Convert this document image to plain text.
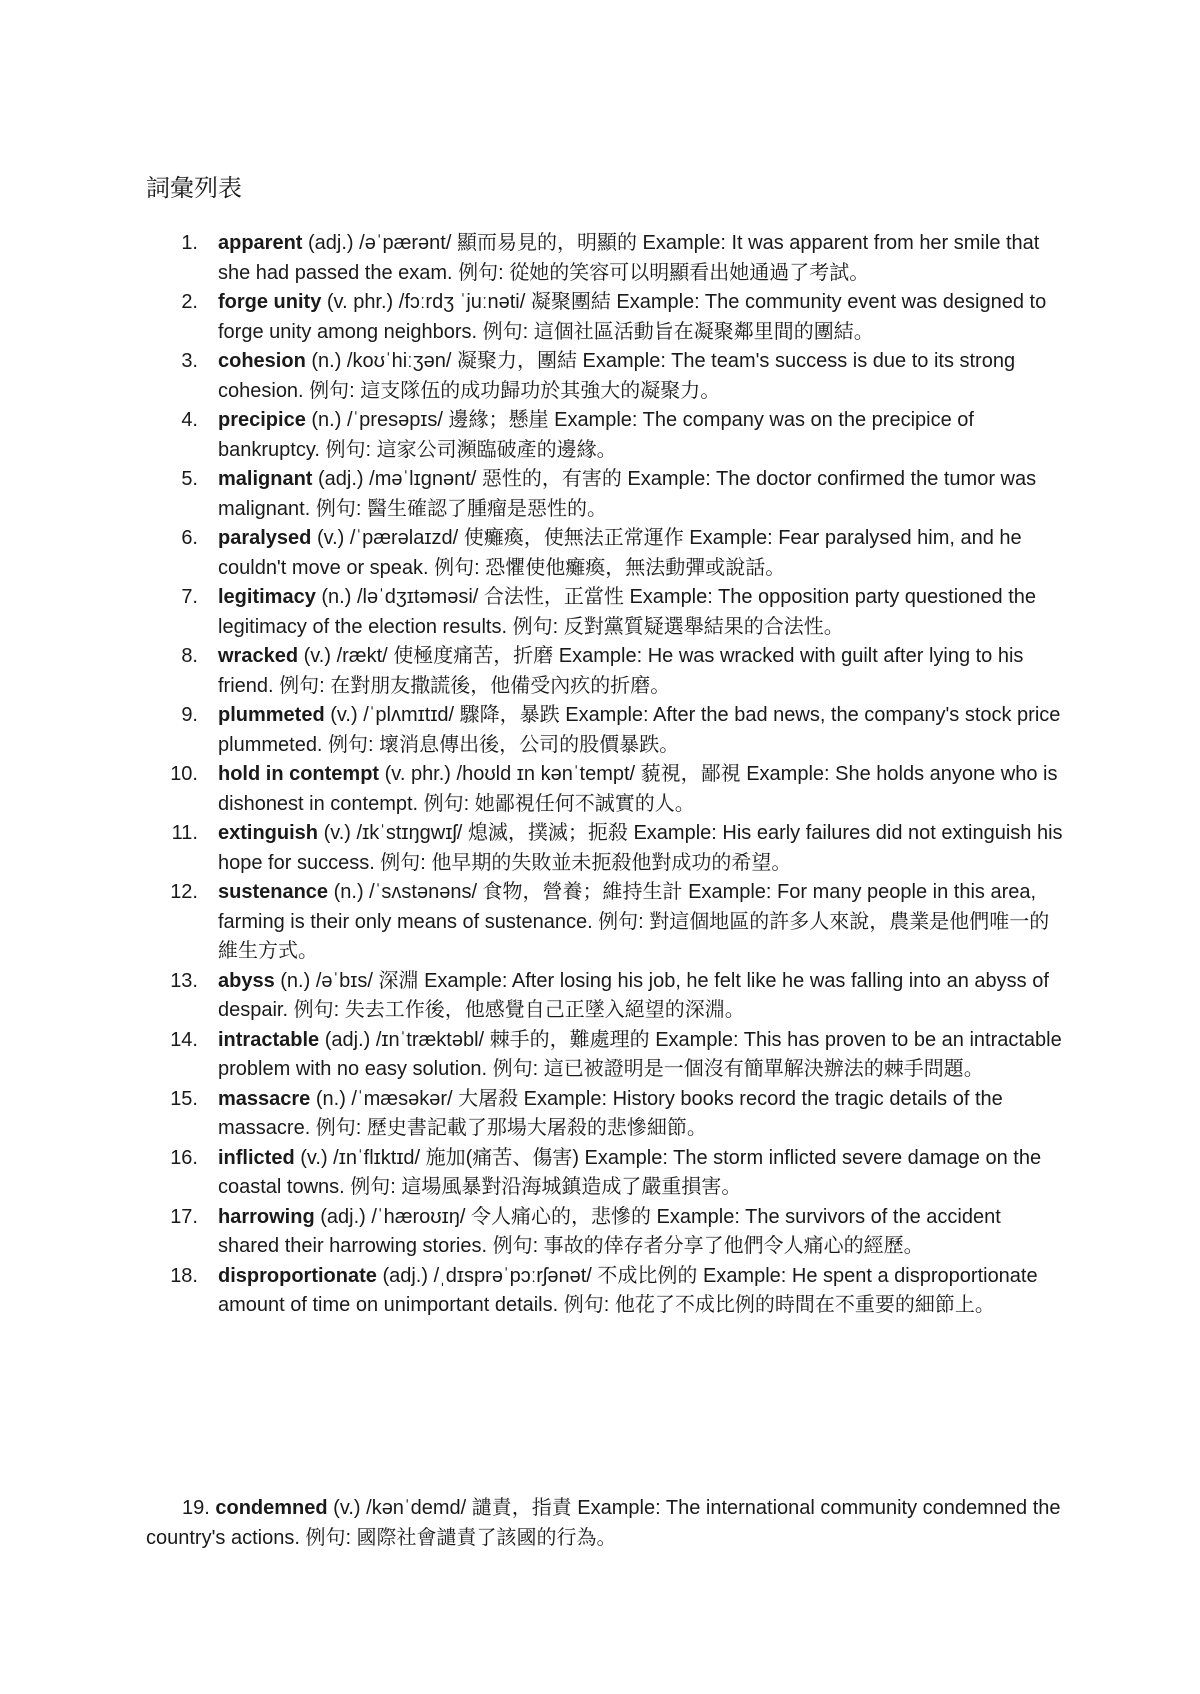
詞彙列表
1. apparent (adj.) /əˈpærənt/ 顯而易見的，明顯的 Example: It was apparent from her smile that she had passed the exam. 例句: 從她的笑容可以明顯看出她通過了考試。
2. forge unity (v. phr.) /fɔːrdʒ ˈjuːnəti/ 凝聚團結 Example: The community event was designed to forge unity among neighbors. 例句: 這個社區活動旨在凝聚鄰里間的團結。
3. cohesion (n.) /koʊˈhiːʒən/ 凝聚力，團結 Example: The team's success is due to its strong cohesion. 例句: 這支隊伍的成功歸功於其強大的凝聚力。
4. precipice (n.) /ˈpresəpɪs/ 邊緣；懸崖 Example: The company was on the precipice of bankruptcy. 例句: 這家公司瀕臨破產的邊緣。
5. malignant (adj.) /məˈlɪɡnənt/ 惡性的，有害的 Example: The doctor confirmed the tumor was malignant. 例句: 醫生確認了腫瘤是惡性的。
6. paralysed (v.) /ˈpærəlaɪzd/ 使癱瘓，使無法正常運作 Example: Fear paralysed him, and he couldn't move or speak. 例句: 恐懼使他癱瘓，無法動彈或說話。
7. legitimacy (n.) /ləˈdʒɪtəməsi/ 合法性，正當性 Example: The opposition party questioned the legitimacy of the election results. 例句: 反對黨質疑選舉結果的合法性。
8. wracked (v.) /rækt/ 使極度痛苦，折磨 Example: He was wracked with guilt after lying to his friend. 例句: 在對朋友撒謊後，他備受內疚的折磨。
9. plummeted (v.) /ˈplʌmɪtɪd/ 驟降，暴跌 Example: After the bad news, the company's stock price plummeted. 例句: 壞消息傳出後，公司的股價暴跌。
10. hold in contempt (v. phr.) /hoʊld ɪn kənˈtempt/ 藐視，鄙視 Example: She holds anyone who is dishonest in contempt. 例句: 她鄙視任何不誠實的人。
11. extinguish (v.) /ɪkˈstɪŋɡwɪʃ/ 熄滅，撲滅；扼殺 Example: His early failures did not extinguish his hope for success. 例句: 他早期的失敗並未扼殺他對成功的希望。
12. sustenance (n.) /ˈsʌstənəns/ 食物，營養；維持生計 Example: For many people in this area, farming is their only means of sustenance. 例句: 對這個地區的許多人來說，農業是他們唯一的維生方式。
13. abyss (n.) /əˈbɪs/ 深淵 Example: After losing his job, he felt like he was falling into an abyss of despair. 例句: 失去工作後，他感覺自己正墜入絕望的深淵。
14. intractable (adj.) /ɪnˈtræktəbl/ 棘手的，難處理的 Example: This has proven to be an intractable problem with no easy solution. 例句: 這已被證明是一個沒有簡單解決辦法的棘手問題。
15. massacre (n.) /ˈmæsəkər/ 大屠殺 Example: History books record the tragic details of the massacre. 例句: 歷史書記載了那場大屠殺的悲慘細節。
16. inflicted (v.) /ɪnˈflɪktɪd/ 施加(痛苦、傷害) Example: The storm inflicted severe damage on the coastal towns. 例句: 這場風暴對沿海城鎮造成了嚴重損害。
17. harrowing (adj.) /ˈhæroʊɪŋ/ 令人痛心的，悲慘的 Example: The survivors of the accident shared their harrowing stories. 例句: 事故的倖存者分享了他們令人痛心的經歷。
18. disproportionate (adj.) /ˌdɪsprəˈpɔːrʃənət/ 不成比例的 Example: He spent a disproportionate amount of time on unimportant details. 例句: 他花了不成比例的時間在不重要的細節上。

19. condemned (v.) /kənˈdemd/ 譴責，指責 Example: The international community condemned the country's actions. 例句: 國際社會譴責了該國的行為。
